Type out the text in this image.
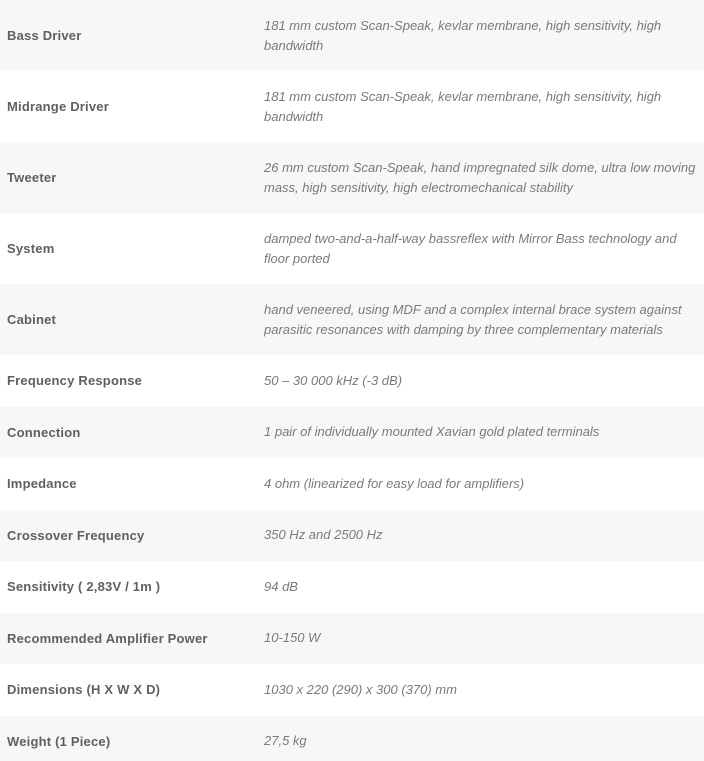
Bass Driver	181 mm custom Scan-Speak, kevlar membrane, high sensitivity, high bandwidth
Midrange Driver	181 mm custom Scan-Speak, kevlar membrane, high sensitivity, high bandwidth
Tweeter	26 mm custom Scan-Speak, hand impregnated silk dome, ultra low moving mass, high sensitivity, high electromechanical stability
System	damped two-and-a-half-way bassreflex with Mirror Bass technology and floor ported
Cabinet	hand veneered, using MDF and a complex internal brace system against parasitic resonances with damping by three complementary materials
Frequency Response	50 – 30 000 kHz (-3 dB)
Connection	1 pair of individually mounted Xavian gold plated terminals
Impedance	4 ohm (linearized for easy load for amplifiers)
Crossover Frequency	350 Hz and 2500 Hz
Sensitivity ( 2,83V / 1m )	94 dB
Recommended Amplifier Power	10-150 W
Dimensions (H X W X D)	1030 x 220 (290) x 300 (370) mm
Weight (1 Piece)	27,5 kg
